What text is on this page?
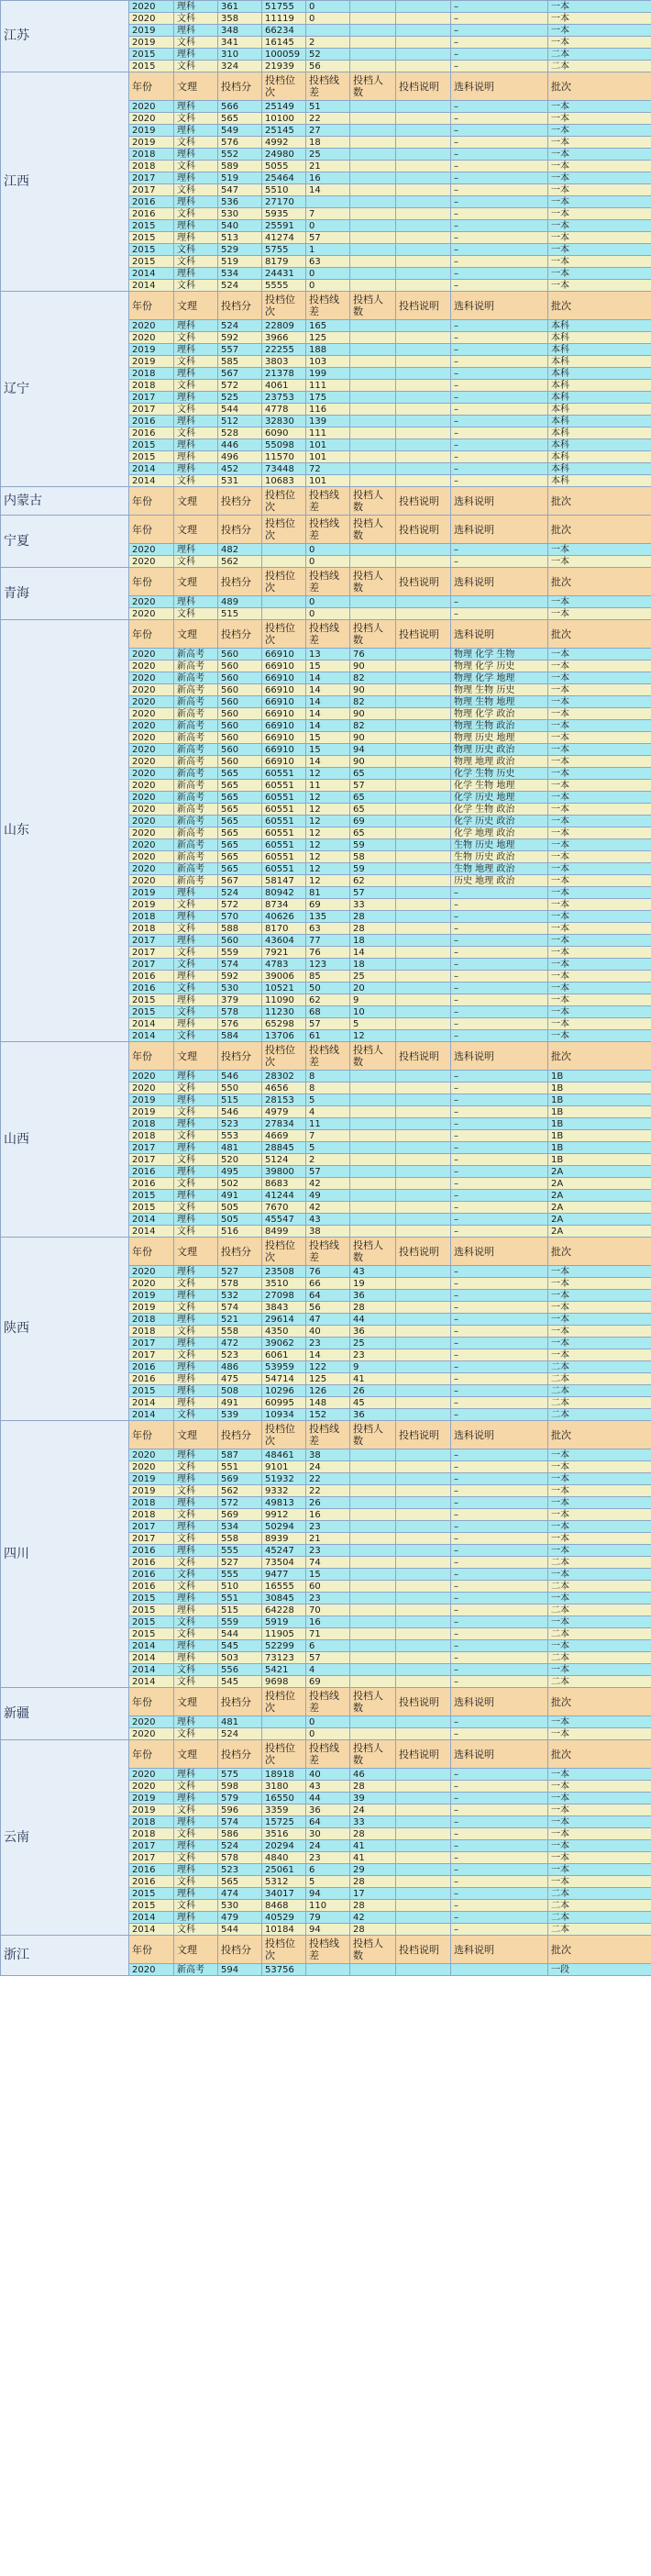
江苏	2020	理科	361	51755	0			–	一本
	2020	文科	358	11119	0			–	一本
	2019	理科	348	66234				–	一本
	2019	文科	341	16145	2			–	一本
	2015	理科	310	100059	52			–	二本
	2015	文科	324	21939	56			–	二本
江西	年份	文理	投档分	投档位次	投档线差	投档人数	投档说明	选科说明	批次
	2020	理科	566	25149	51			–	一本
	2020	文科	565	10100	22			–	一本
	2019	理科	549	25145	27			–	一本
	2019	文科	576	4992	18			–	一本
	2018	理科	552	24980	25			–	一本
	2018	文科	589	5055	21			–	一本
	2017	理科	519	25464	16			–	一本
	2017	文科	547	5510	14			–	一本
	2016	理科	536	27170				–	一本
	2016	文科	530	5935	7			–	一本
	2015	理科	540	25591	0			–	一本
	2015	理科	513	41274	57			–	一本
	2015	文科	529	5755	1			–	一本
	2015	文科	519	8179	63			–	一本
	2014	理科	534	24431	0			–	一本
	2014	文科	524	5555	0			–	一本
辽宁	年份	文理	投档分	投档位次	投档线差	投档人数	投档说明	选科说明	批次
	2020	理科	524	22809	165			–	本科
	2020	文科	592	3966	125			–	本科
	2019	理科	557	22255	188			–	本科
	2019	文科	585	3803	103			–	本科
	2018	理科	567	21378	199			–	本科
	2018	文科	572	4061	111			–	本科
	2017	理科	525	23753	175			–	本科
	2017	文科	544	4778	116			–	本科
	2016	理科	512	32830	139			–	本科
	2016	文科	528	6090	111			–	本科
	2015	理科	446	55098	101			–	本科
	2015	理科	496	11570	101			–	本科
	2014	理科	452	73448	72			–	本科
	2014	文科	531	10683	101			–	本科
内蒙古	年份	文理	投档分	投档位次	投档线差	投档人数	投档说明	选科说明	批次
宁夏	年份	文理	投档分	投档位次	投档线差	投档人数	投档说明	选科说明	批次
	2020	理科	482		0			–	一本
	2020	文科	562		0			–	一本
青海	年份	文理	投档分	投档位次	投档线差	投档人数	投档说明	选科说明	批次
	2020	理科	489		0			–	一本
	2020	文科	515		0			–	一本
山东	年份	文理	投档分	投档位次	投档线差	投档人数	投档说明	选科说明	批次
	2020	新高考	560	66910	13	76		物理 化学 生物	一本
	2020	新高考	560	66910	15	90		物理 化学 历史	一本
	2020	新高考	560	66910	14	82		物理 化学 地理	一本
	2020	新高考	560	66910	14	90		物理 生物 历史	一本
	2020	新高考	560	66910	14	82		物理 生物 地理	一本
	2020	新高考	560	66910	14	90		物理 化学 政治	一本
	2020	新高考	560	66910	14	82		物理 生物 政治	一本
	2020	新高考	560	66910	15	90		物理 历史 地理	一本
	2020	新高考	560	66910	15	94		物理 历史 政治	一本
	2020	新高考	560	66910	14	90		物理 地理 政治	一本
	2020	新高考	565	60551	12	65		化学 生物 历史	一本
	2020	新高考	565	60551	11	57		化学 生物 地理	一本
	2020	新高考	565	60551	12	65		化学 历史 地理	一本
	2020	新高考	565	60551	12	65		化学 生物 政治	一本
	2020	新高考	565	60551	12	69		化学 历史 政治	一本
	2020	新高考	565	60551	12	65		化学 地理 政治	一本
	2020	新高考	565	60551	12	59		生物 历史 地理	一本
	2020	新高考	565	60551	12	58		生物 历史 政治	一本
	2020	新高考	565	60551	12	59		生物 地理 政治	一本
	2020	新高考	567	58147	12	62		历史 地理 政治	一本
	2019	理科	524	80942	81	57		–	一本
	2019	文科	572	8734	69	33		–	一本
	2018	理科	570	40626	135	28		–	一本
	2018	文科	588	8170	63	28		–	一本
	2017	理科	560	43604	77	18		–	一本
	2017	文科	559	7921	76	14		–	一本
	2017	文科	574	4783	123	18		–	一本
	2016	理科	592	39006	85	25		–	一本
	2016	文科	530	10521	50	20		–	一本
	2015	理科	379	11090	62	9		–	一本
	2015	文科	578	11230	68	10		–	一本
	2014	理科	576	65298	57	5		–	一本
	2014	文科	584	13706	61	12		–	一本
山西	年份	文理	投档分	投档位次	投档线差	投档人数	投档说明	选科说明	批次
	2020	理科	546	28302	8			–	1B
	2020	文科	550	4656	8			–	1B
	2019	理科	515	28153	5			–	1B
	2019	文科	546	4979	4			–	1B
	2018	理科	523	27834	11			–	1B
	2018	文科	553	4669	7			–	1B
	2017	理科	481	28845	5			–	1B
	2017	文科	520	5124	2			–	1B
	2016	理科	495	39800	57			–	2A
	2016	文科	502	8683	42			–	2A
	2015	理科	491	41244	49			–	2A
	2015	文科	505	7670	42			–	2A
	2014	理科	505	45547	43			–	2A
	2014	文科	516	8499	38			–	2A
陕西	年份	文理	投档分	投档位次	投档线差	投档人数	投档说明	选科说明	批次
	2020	理科	527	23508	76	43		–	一本
	2020	文科	578	3510	66	19		–	一本
	2019	理科	532	27098	64	36		–	一本
	2019	文科	574	3843	56	28		–	一本
	2018	理科	521	29614	47	44		–	一本
	2018	文科	558	4350	40	36		–	一本
	2017	理科	472	39062	23	25		–	一本
	2017	文科	523	6061	14	23		–	一本
	2016	理科	486	53959	122	9		–	二本
	2016	理科	475	54714	125	41		–	二本
	2015	理科	508	10296	126	26		–	二本
	2014	理科	491	60995	148	45		–	二本
	2014	文科	539	10934	152	36		–	二本
四川	年份	文理	投档分	投档位次	投档线差	投档人数	投档说明	选科说明	批次
	2020	理科	587	48461	38			–	一本
	2020	文科	551	9101	24			–	一本
	2019	理科	569	51932	22			–	一本
	2019	文科	562	9332	22			–	一本
	2018	理科	572	49813	26			–	一本
	2018	文科	569	9912	16			–	一本
	2017	理科	534	50294	23			–	一本
	2017	文科	558	8939	21			–	一本
	2016	理科	555	45247	23			–	一本
	2016	文科	527	73504	74			–	二本
	2016	文科	555	9477	15			–	一本
	2016	文科	510	16555	60			–	二本
	2015	理科	551	30845	23			–	一本
	2015	理科	515	64228	70			–	二本
	2015	文科	559	5919	16			–	一本
	2015	文科	544	11905	71			–	二本
	2014	理科	545	52299	6			–	一本
	2014	理科	503	73123	57			–	二本
	2014	文科	556	5421	4			–	一本
	2014	文科	545	9698	69			–	二本
新疆	年份	文理	投档分	投档位次	投档线差	投档人数	投档说明	选科说明	批次
	2020	理科	481		0			–	一本
	2020	文科	524		0			–	一本
云南	年份	文理	投档分	投档位次	投档线差	投档人数	投档说明	选科说明	批次
	2020	理科	575	18918	40	46		–	一本
	2020	文科	598	3180	43	28		–	一本
	2019	理科	579	16550	44	39		–	一本
	2019	文科	596	3359	36	24		–	一本
	2018	理科	574	15725	64	33		–	一本
	2018	文科	586	3516	30	28		–	一本
	2017	理科	524	20294	24	41		–	一本
	2017	文科	578	4840	23	41		–	一本
	2016	理科	523	25061	6	29		–	一本
	2016	文科	565	5312	5	28		–	一本
	2015	理科	474	34017	94	17		–	二本
	2015	文科	530	8468	110	28		–	二本
	2014	理科	479	40529	79	42		–	二本
	2014	文科	544	10184	94	28		–	二本
浙江	年份	文理	投档分	投档位次	投档线差	投档人数	投档说明	选科说明	批次
	2020	新高考	594	53756					一段
